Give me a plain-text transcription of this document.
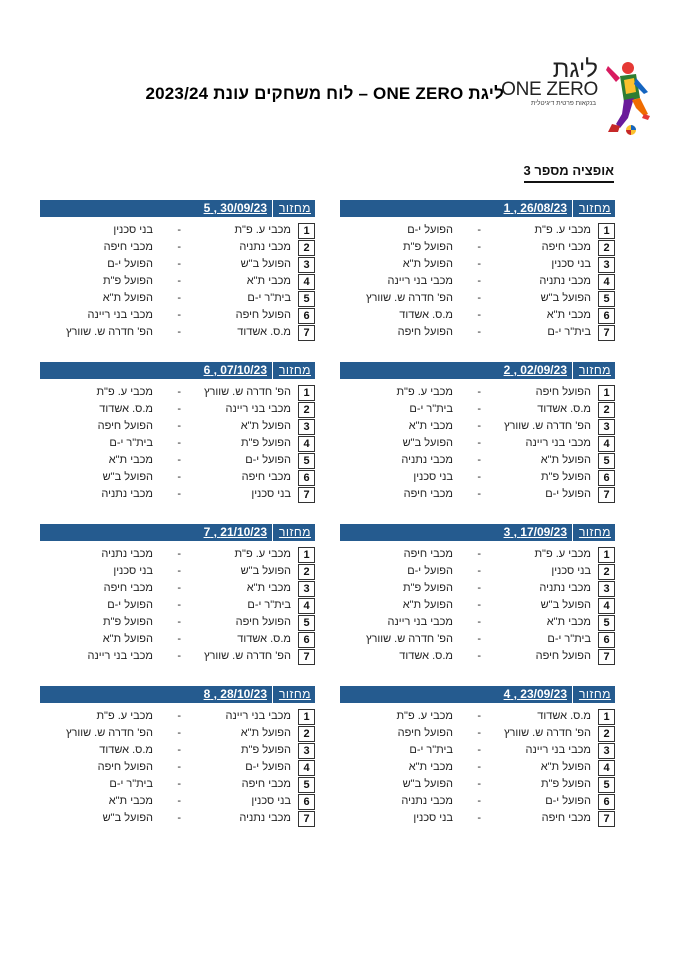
ליגת ONE ZERO – לוח משחקים עונת 2023/24
ליגת
ONE ZERO
בנקאות פרטית דיגיטלית
אופציה מספר 3
מחזור
26/08/23 , 1
1
מכבי ע. פ"ת
-
הפועל י-ם
2
מכבי חיפה
-
הפועל פ"ת
3
בני סכנין
-
הפועל ת"א
4
מכבי נתניה
-
מכבי בני ריינה
5
הפועל ב"ש
-
הפ' חדרה ש. שוורץ
6
מכבי ת"א
-
מ.ס. אשדוד
7
בית"ר י-ם
-
הפועל חיפה
מחזור
30/09/23 , 5
1
מכבי ע. פ"ת
-
בני סכנין
2
מכבי נתניה
-
מכבי חיפה
3
הפועל ב"ש
-
הפועל י-ם
4
מכבי ת"א
-
הפועל פ"ת
5
בית"ר י-ם
-
הפועל ת"א
6
הפועל חיפה
-
מכבי בני ריינה
7
מ.ס. אשדוד
-
הפ' חדרה ש. שוורץ
מחזור
02/09/23 , 2
1
הפועל חיפה
-
מכבי ע. פ"ת
2
מ.ס. אשדוד
-
בית"ר י-ם
3
הפ' חדרה ש. שוורץ
-
מכבי ת"א
4
מכבי בני ריינה
-
הפועל ב"ש
5
הפועל ת"א
-
מכבי נתניה
6
הפועל פ"ת
-
בני סכנין
7
הפועל י-ם
-
מכבי חיפה
מחזור
07/10/23 , 6
1
הפ' חדרה ש. שוורץ
-
מכבי ע. פ"ת
2
מכבי בני ריינה
-
מ.ס. אשדוד
3
הפועל ת"א
-
הפועל חיפה
4
הפועל פ"ת
-
בית"ר י-ם
5
הפועל י-ם
-
מכבי ת"א
6
מכבי חיפה
-
הפועל ב"ש
7
בני סכנין
-
מכבי נתניה
מחזור
17/09/23 , 3
1
מכבי ע. פ"ת
-
מכבי חיפה
2
בני סכנין
-
הפועל י-ם
3
מכבי נתניה
-
הפועל פ"ת
4
הפועל ב"ש
-
הפועל ת"א
5
מכבי ת"א
-
מכבי בני ריינה
6
בית"ר י-ם
-
הפ' חדרה ש. שוורץ
7
הפועל חיפה
-
מ.ס. אשדוד
מחזור
21/10/23 , 7
1
מכבי ע. פ"ת
-
מכבי נתניה
2
הפועל ב"ש
-
בני סכנין
3
מכבי ת"א
-
מכבי חיפה
4
בית"ר י-ם
-
הפועל י-ם
5
הפועל חיפה
-
הפועל פ"ת
6
מ.ס. אשדוד
-
הפועל ת"א
7
הפ' חדרה ש. שוורץ
-
מכבי בני ריינה
מחזור
23/09/23 , 4
1
מ.ס. אשדוד
-
מכבי ע. פ"ת
2
הפ' חדרה ש. שוורץ
-
הפועל חיפה
3
מכבי בני ריינה
-
בית"ר י-ם
4
הפועל ת"א
-
מכבי ת"א
5
הפועל פ"ת
-
הפועל ב"ש
6
הפועל י-ם
-
מכבי נתניה
7
מכבי חיפה
-
בני סכנין
מחזור
28/10/23 , 8
1
מכבי בני ריינה
-
מכבי ע. פ"ת
2
הפועל ת"א
-
הפ' חדרה ש. שוורץ
3
הפועל פ"ת
-
מ.ס. אשדוד
4
הפועל י-ם
-
הפועל חיפה
5
מכבי חיפה
-
בית"ר י-ם
6
בני סכנין
-
מכבי ת"א
7
מכבי נתניה
-
הפועל ב"ש
